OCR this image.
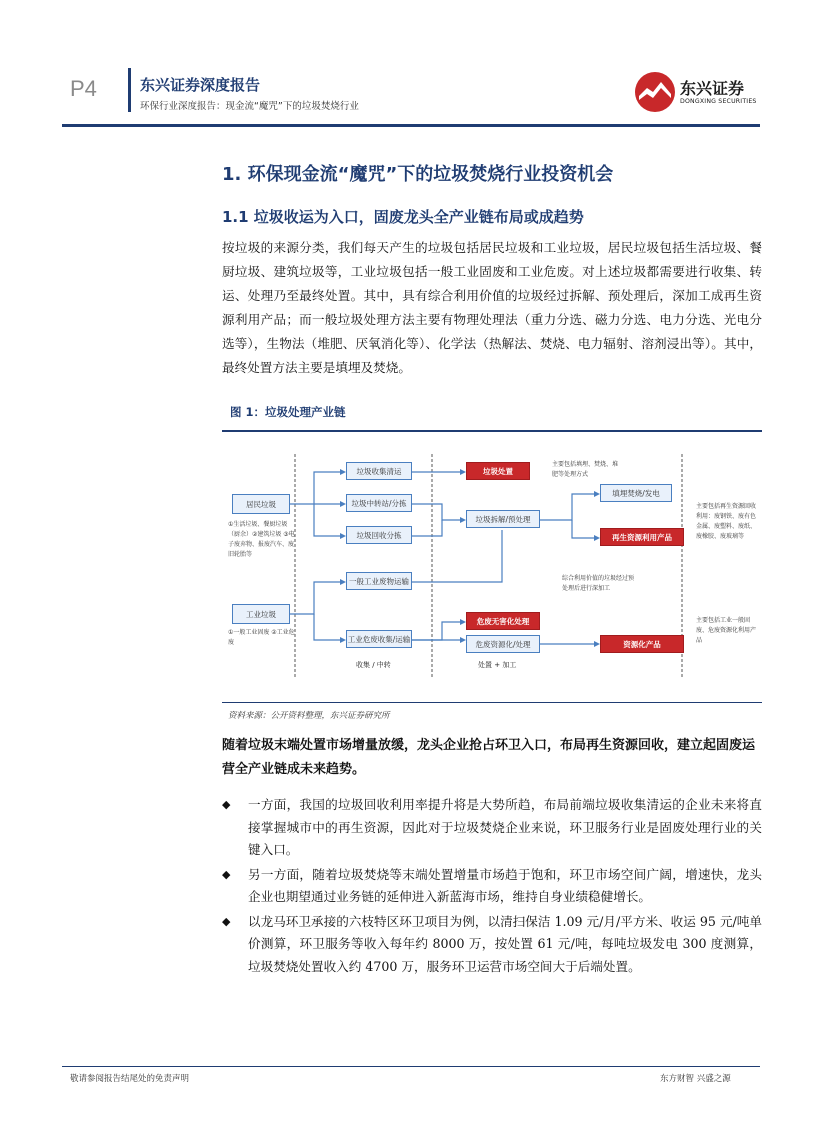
P4	东兴证券深度报告
环保行业深度报告：现金流“魔咒”下的垃圾焚烧行业
东兴证券
DONGXING SECURITIES
1. 环保现金流“魔咒”下的垃圾焚烧行业投资机会
1.1 垃圾收运为入口，固废龙头全产业链布局或成趋势
按垃圾的来源分类，我们每天产生的垃圾包括居民垃圾和工业垃圾，居民垃圾包括生活垃圾、餐厨垃圾、建筑垃圾等，工业垃圾包括一般工业固废和工业危废。对上述垃圾都需要进行收集、转运、处理乃至最终处置。其中，具有综合利用价值的垃圾经过拆解、预处理后，深加工成再生资源利用产品；而一般垃圾处理方法主要有物理处理法（重力分选、磁力分选、电力分选、光电分选等），生物法（堆肥、厌氧消化等）、化学法（热解法、焚烧、电力辐射、溶剂浸出等）。其中，最终处置方法主要是填埋及焚烧。
图 1：垃圾处理产业链
居民垃圾
工业垃圾
垃圾收集清运
垃圾中转站/分拣
垃圾回收分拣
一般工业废物运输
工业危废收集/运输
垃圾处置
垃圾拆解/预处理
危废无害化处理
危废资源化/处理
填埋焚烧/发电
再生资源利用产品
资源化产品
①生活垃圾、餐厨垃圾（厨余）②建筑垃圾 ③电子废弃物、报废汽车、废旧轮胎等
①一般工业固废 ②工业危废
主要包括填埋、焚烧、堆肥等处理方式
综合利用价值的垃圾经过预处理后进行深加工
主要包括再生资源回收利用：废钢铁、废有色金属、废塑料、废纸、废橡胶、废玻璃等
主要包括工业一般固废、危废资源化利用产品
收集 / 中转	处置 + 加工
资料来源：公开资料整理，东兴证券研究所
随着垃圾末端处置市场增量放缓，龙头企业抢占环卫入口，布局再生资源回收，建立起固废运营全产业链成未来趋势。
◆ 一方面，我国的垃圾回收利用率提升将是大势所趋，布局前端垃圾收集清运的企业未来将直接掌握城市中的再生资源，因此对于垃圾焚烧企业来说，环卫服务行业是固废处理行业的关键入口。
◆ 另一方面，随着垃圾焚烧等末端处置增量市场趋于饱和，环卫市场空间广阔，增速快，龙头企业也期望通过业务链的延伸进入新蓝海市场，维持自身业绩稳健增长。
◆ 以龙马环卫承接的六枝特区环卫项目为例，以清扫保洁 1.09 元/月/平方米、收运 95 元/吨单价测算，环卫服务等收入每年约 8000 万，按处置 61 元/吨，每吨垃圾发电 300 度测算，垃圾焚烧处置收入约 4700 万，服务环卫运营市场空间大于后端处置。
敬请参阅报告结尾处的免责声明	东方财智 兴盛之源
